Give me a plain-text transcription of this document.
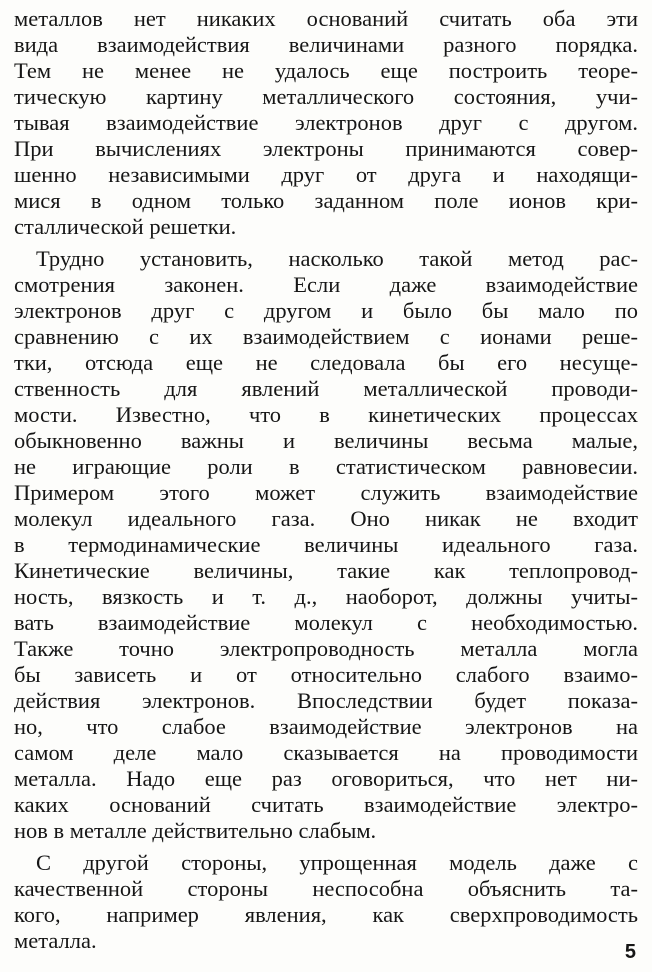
металлов нет никаких оснований считать оба эти
вида взаимодействия величинами разного порядка.
Тем не менее не удалось еще построить теоре-
тическую картину металлического состояния, учи-
тывая взаимодействие электронов друг с другом.
При вычислениях электроны принимаются совер-
шенно независимыми друг от друга и находящи-
мися в одном только заданном поле ионов кри-
сталлической решетки.
Трудно установить, насколько такой метод рас-
смотрения законен. Если даже взаимодействие
электронов друг с другом и было бы мало по
сравнению с их взаимодействием с ионами реше-
тки, отсюда еще не следовала бы его несуще-
ственность для явлений металлической проводи-
мости. Известно, что в кинетических процессах
обыкновенно важны и величины весьма малые,
не играющие роли в статистическом равновесии.
Примером этого может служить взаимодействие
молекул идеального газа. Оно никак не входит
в термодинамические величины идеального газа.
Кинетические величины, такие как теплопровод-
ность, вязкость и т. д., наоборот, должны учиты-
вать взаимодействие молекул с необходимостью.
Также точно электропроводность металла могла
бы зависеть и от относительно слабого взаимо-
действия электронов. Впоследствии будет показа-
но, что слабое взаимодействие электронов на
самом деле мало сказывается на проводимости
металла. Надо еще раз оговориться, что нет ни-
каких оснований считать взаимодействие электро-
нов в металле действительно слабым.
С другой стороны, упрощенная модель даже с
качественной стороны неспособна объяснить та-
кого, например явления, как сверхпроводимость
металла.	5
